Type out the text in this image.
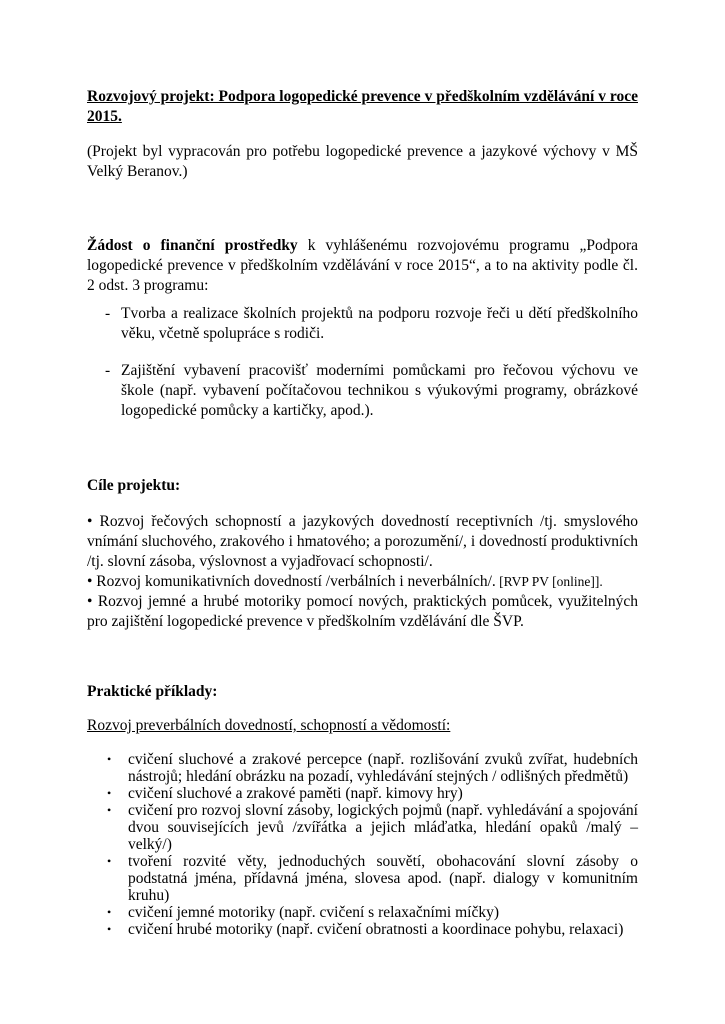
Rozvojový projekt: Podpora logopedické prevence v předškolním vzdělávání v roce 2015.

(Projekt byl vypracován pro potřebu logopedické prevence a jazykové výchovy v MŠ Velký Beranov.)

Žádost o finanční prostředky k vyhlášenému rozvojovému programu „Podpora logopedické prevence v předškolním vzdělávání v roce 2015“, a to na aktivity podle čl. 2 odst. 3 programu:

- Tvorba a realizace školních projektů na podporu rozvoje řeči u dětí předškolního věku, včetně spolupráce s rodiči.
- Zajištění vybavení pracovišť moderními pomůckami pro řečovou výchovu ve škole (např. vybavení počítačovou technikou s výukovými programy, obrázkové logopedické pomůcky a kartičky, apod.).

Cíle projektu:

• Rozvoj řečových schopností a jazykových dovedností receptivních /tj. smyslového vnímání sluchového, zrakového i hmatového; a porozumění/, i dovedností produktivních /tj. slovní zásoba, výslovnost a vyjadřovací schopnosti/.

• Rozvoj komunikativních dovedností /verbálních i neverbálních/. [RVP PV [online]].

• Rozvoj jemné a hrubé motoriky pomocí nových, praktických pomůcek, využitelných pro zajištění logopedické prevence v předškolním vzdělávání dle ŠVP.

Praktické příklady:

Rozvoj preverbálních dovedností, schopností a vědomostí:

• cvičení sluchové a zrakové percepce (např. rozlišování zvuků zvířat, hudebních nástrojů; hledání obrázku na pozadí, vyhledávání stejných / odlišných předmětů)
• cvičení sluchové a zrakové paměti (např. kimovy hry)
• cvičení pro rozvoj slovní zásoby, logických pojmů (např. vyhledávání a spojování dvou souvisejících jevů /zvířátka a jejich mláďatka, hledání opaků /malý – velký/)
• tvoření rozvité věty, jednoduchých souvětí, obohacování slovní zásoby o podstatná jména, přídavná jména, slovesa apod. (např. dialogy v komunitním kruhu)
• cvičení jemné motoriky (např. cvičení s relaxačními míčky)
• cvičení hrubé motoriky (např. cvičení obratnosti a koordinace pohybu, relaxaci)
